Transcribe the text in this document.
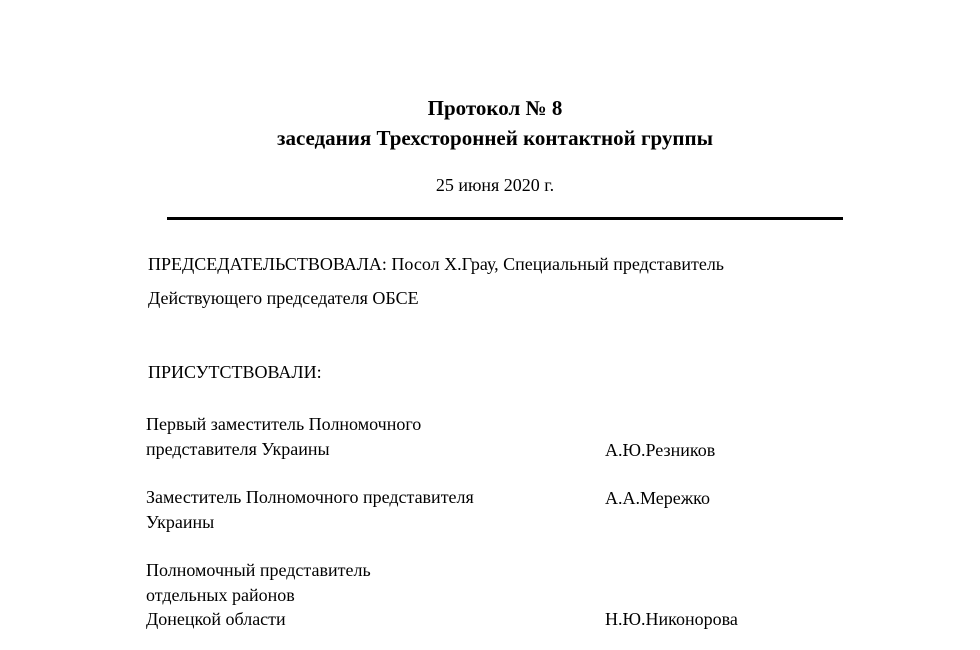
Протокол № 8
заседания Трехсторонней контактной группы
25 июня 2020 г.
ПРЕДСЕДАТЕЛЬСТВОВАЛА: Посол Х.Грау, Специальный представитель
Действующего председателя ОБСЕ
ПРИСУТСТВОВАЛИ:
Первый заместитель Полномочного
представителя Украины	А.Ю.Резников
Заместитель Полномочного представителя
Украины
А.А.Мережко
Полномочный представитель
отдельных районов
Донецкой области	Н.Ю.Никонорова
